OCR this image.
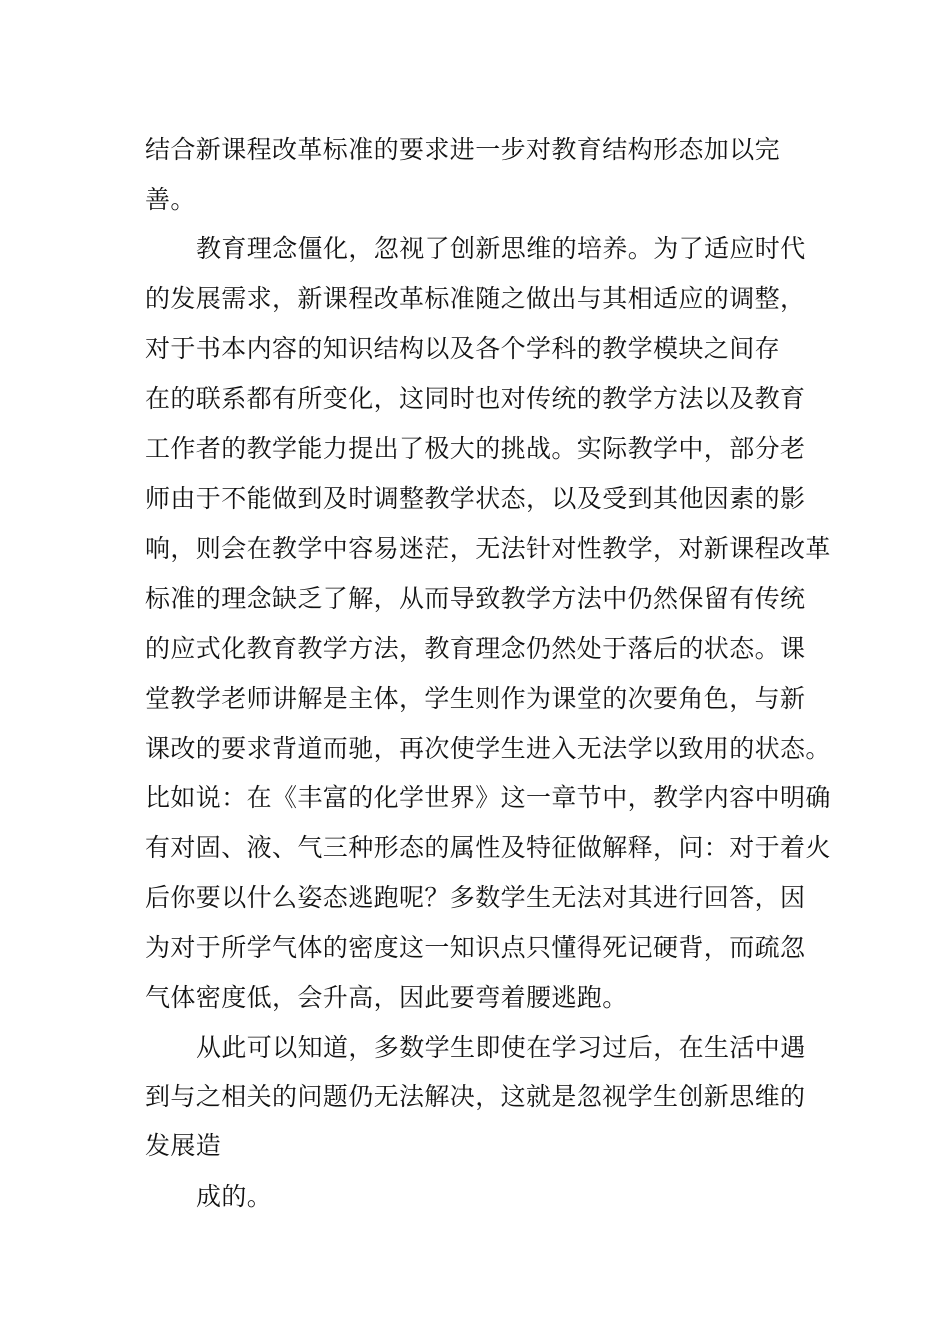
结合新课程改革标准的要求进一步对教育结构形态加以完
善。
教育理念僵化，忽视了创新思维的培养。为了适应时代
的发展需求，新课程改革标准随之做出与其相适应的调整，
对于书本内容的知识结构以及各个学科的教学模块之间存
在的联系都有所变化，这同时也对传统的教学方法以及教育
工作者的教学能力提出了极大的挑战。实际教学中，部分老
师由于不能做到及时调整教学状态，以及受到其他因素的影
响，则会在教学中容易迷茫，无法针对性教学，对新课程改革
标准的理念缺乏了解，从而导致教学方法中仍然保留有传统
的应式化教育教学方法，教育理念仍然处于落后的状态。课
堂教学老师讲解是主体，学生则作为课堂的次要角色，与新
课改的要求背道而驰，再次使学生进入无法学以致用的状态。
比如说：在《丰富的化学世界》这一章节中，教学内容中明确
有对固、液、气三种形态的属性及特征做解释，问：对于着火
后你要以什么姿态逃跑呢？多数学生无法对其进行回答，因
为对于所学气体的密度这一知识点只懂得死记硬背，而疏忽
气体密度低，会升高，因此要弯着腰逃跑。
从此可以知道，多数学生即使在学习过后，在生活中遇
到与之相关的问题仍无法解决，这就是忽视学生创新思维的
发展造
成的。
